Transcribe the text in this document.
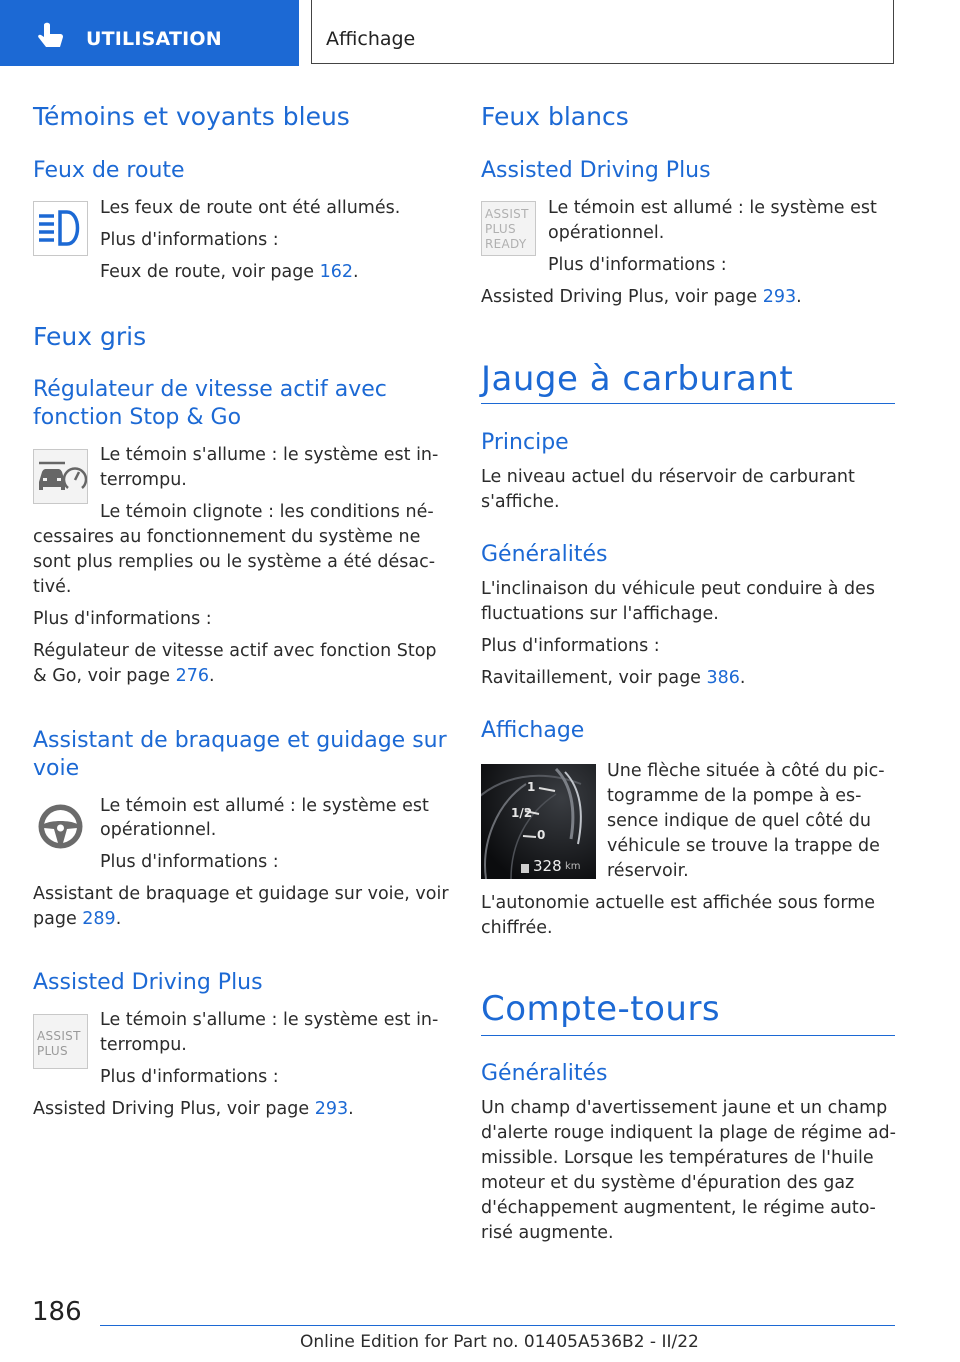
UTILISATION	Affichage
Témoins et voyants bleus
Feux de route
Les feux de route ont été allumés.
Plus d'informations :
Feux de route, voir page 162.
Feux gris
Régulateur de vitesse actif avec
fonction Stop & Go
Le témoin s'allume : le système est in‐
terrompu.
Le témoin clignote : les conditions né‐
cessaires au fonctionnement du système ne
sont plus remplies ou le système a été désac‐
tivé.
Plus d'informations :
Régulateur de vitesse actif avec fonction Stop
& Go, voir page 276.
Assistant de braquage et guidage sur
voie
Le témoin est allumé : le système est
opérationnel.
Plus d'informations :
Assistant de braquage et guidage sur voie, voir
page 289.
Assisted Driving Plus
ASSIST
PLUS
Le témoin s'allume : le système est in‐
terrompu.
Plus d'informations :
Assisted Driving Plus, voir page 293.
Feux blancs
Assisted Driving Plus
ASSIST
PLUS
READY
Le témoin est allumé : le système est
opérationnel.
Plus d'informations :
Assisted Driving Plus, voir page 293.
Jauge à carburant
Principe
Le niveau actuel du réservoir de carburant
s'affiche.
Généralités
L'inclinaison du véhicule peut conduire à des
fluctuations sur l'affichage.
Plus d'informations :
Ravitaillement, voir page 386.
Affichage
1
1/2
0
328 km
Une flèche située à côté du pic‐
togramme de la pompe à es‐
sence indique de quel côté du
véhicule se trouve la trappe de
réservoir.
L'autonomie actuelle est affichée sous forme
chiffrée.
Compte-tours
Généralités
Un champ d'avertissement jaune et un champ
d'alerte rouge indiquent la plage de régime ad‐
missible. Lorsque les températures de l'huile
moteur et du système d'épuration des gaz
d'échappement augmentent, le régime auto‐
risé augmente.
186
Online Edition for Part no. 01405A536B2 - II/22
